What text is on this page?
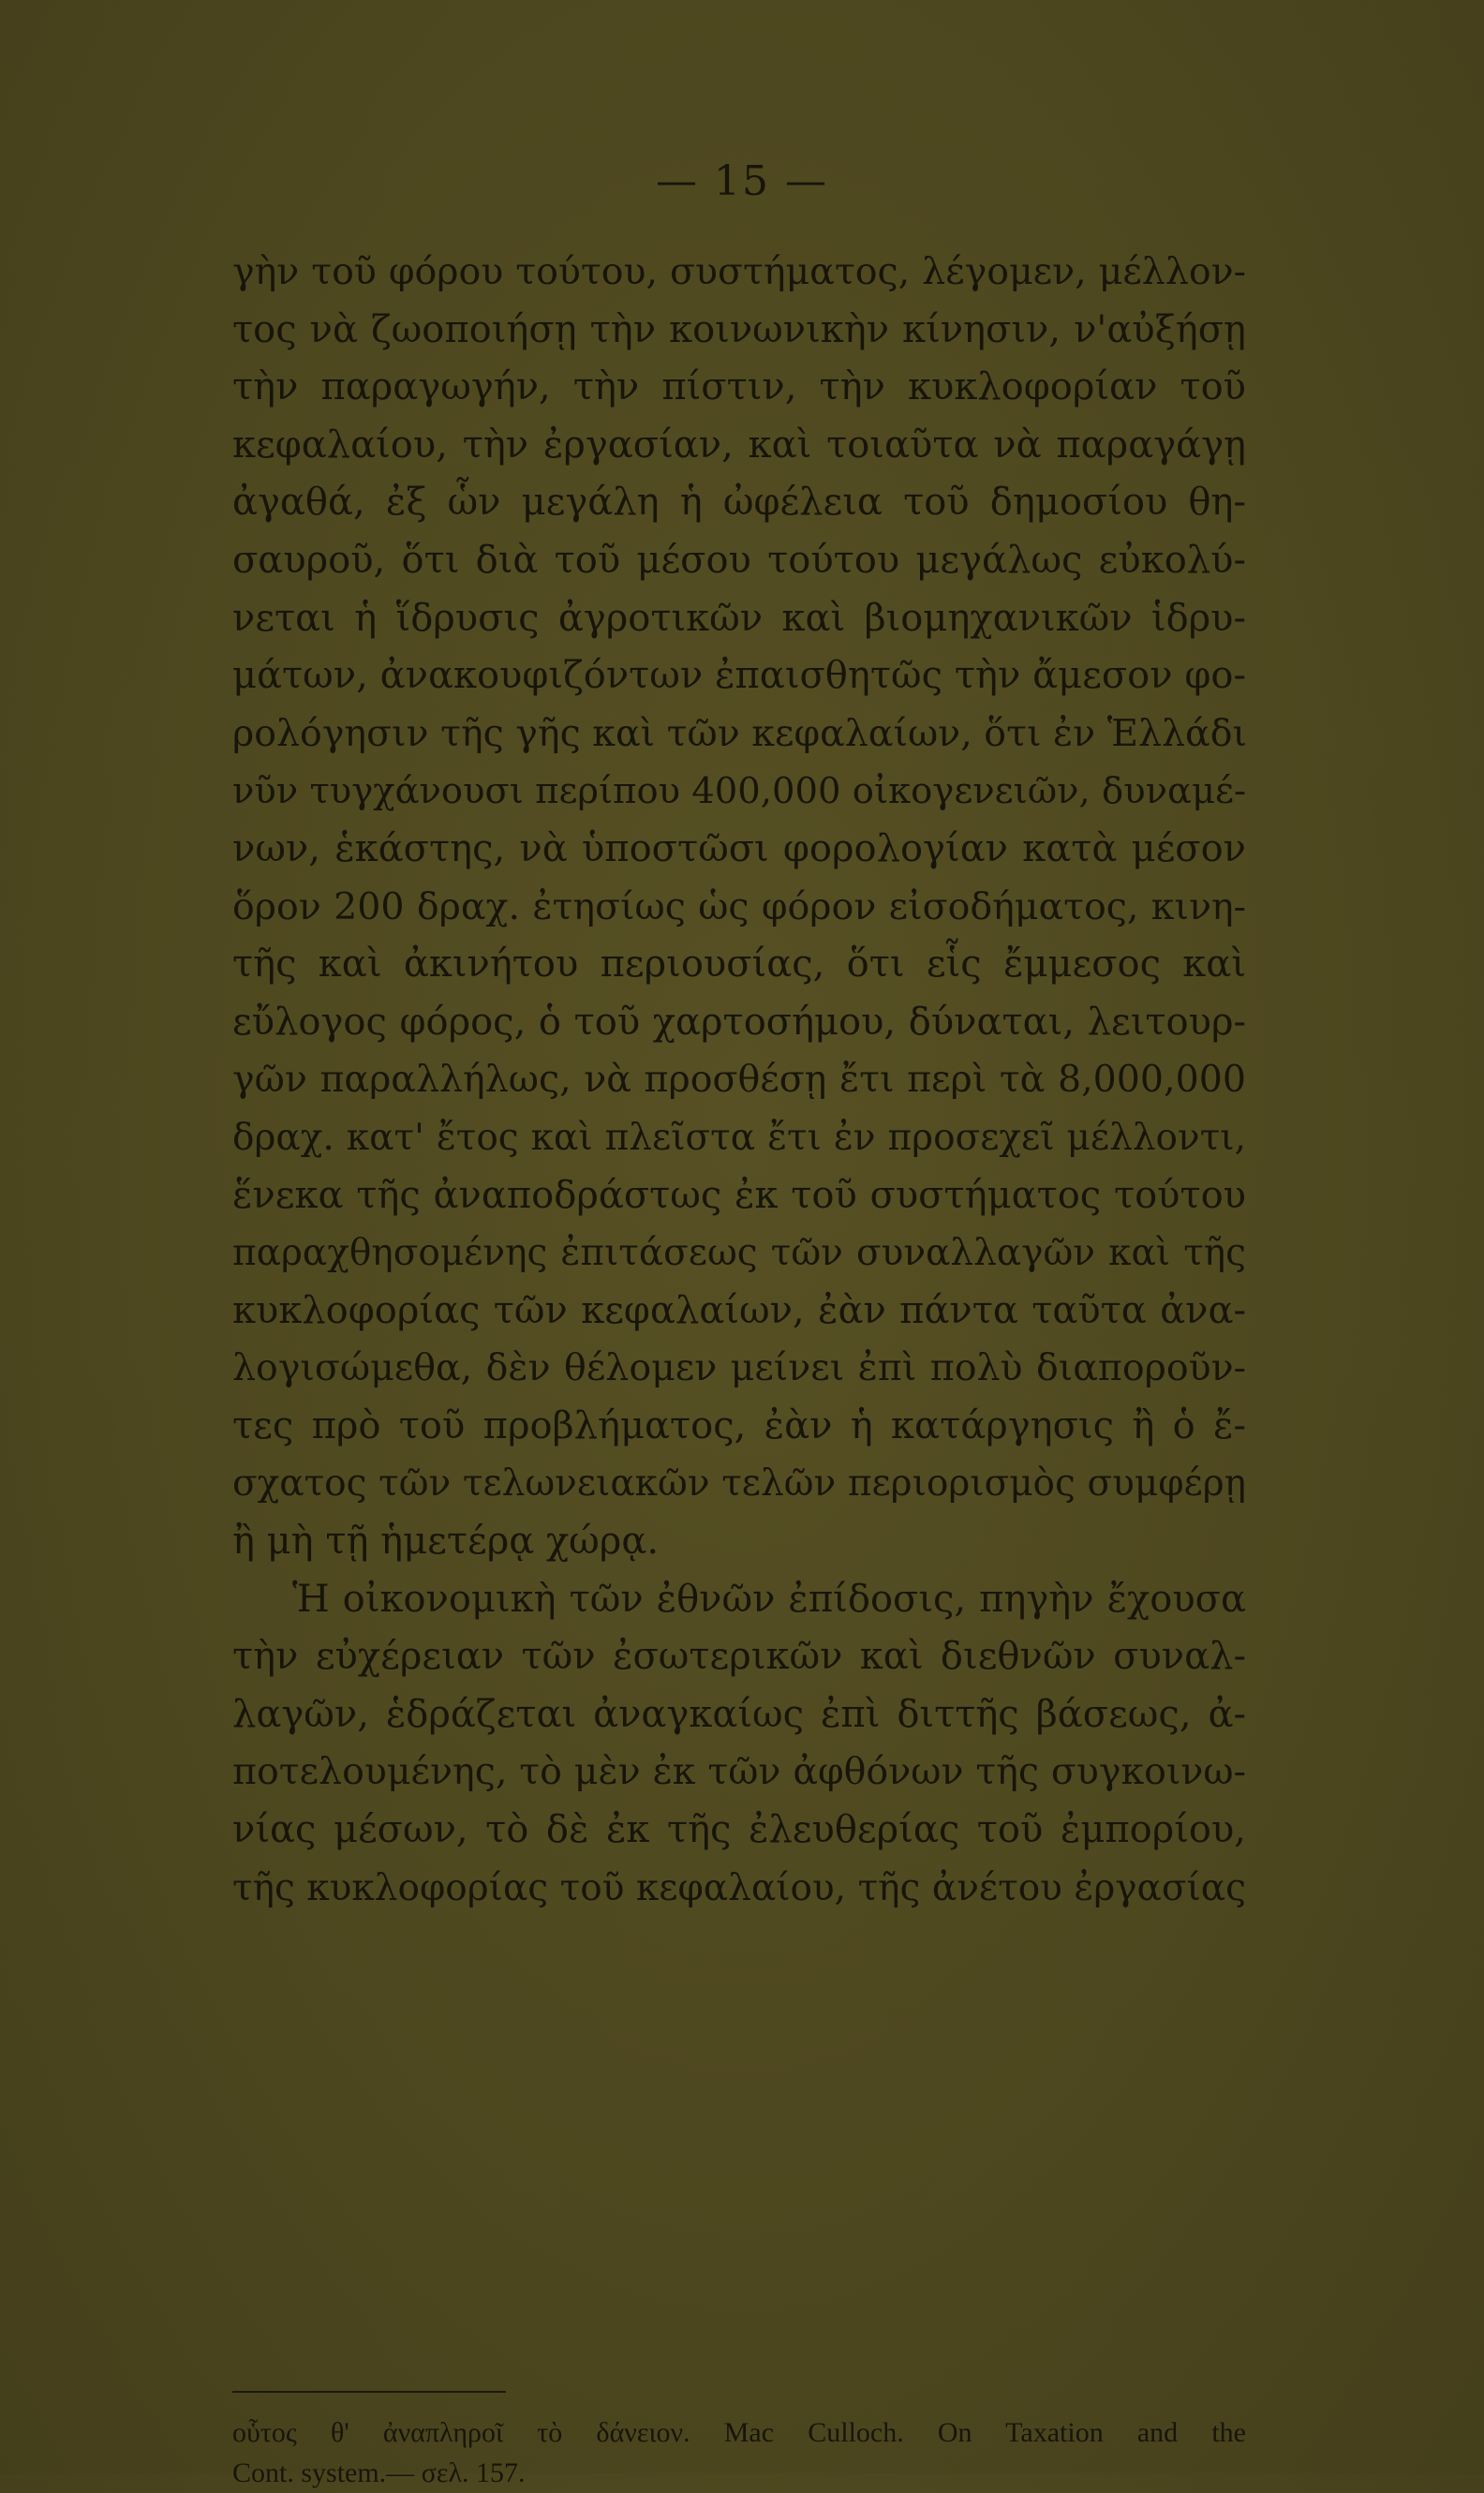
— 15 —
γὴν τοῦ φόρου τούτου, συστήματος, λέγομεν, μέλλον-
τος νὰ ζωοποιήσῃ τὴν κοινωνικὴν κίνησιν, ν'αὐξήσῃ
τὴν παραγωγήν, τὴν πίστιν, τὴν κυκλοφορίαν τοῦ
κεφαλαίου, τὴν ἐργασίαν, καὶ τοιαῦτα νὰ παραγάγῃ
ἀγαθά, ἐξ ὧν μεγάλη ἡ ὠφέλεια τοῦ δημοσίου θη-
σαυροῦ, ὅτι διὰ τοῦ μέσου τούτου μεγάλως εὐκολύ-
νεται ἡ ἵδρυσις ἀγροτικῶν καὶ βιομηχανικῶν ἱδρυ-
μάτων, ἀνακουφιζόντων ἐπαισθητῶς τὴν ἄμεσον φο-
ρολόγησιν τῆς γῆς καὶ τῶν κεφαλαίων, ὅτι ἐν Ἑλλάδι
νῦν τυγχάνουσι περίπου 400,000 οἰκογενειῶν, δυναμέ-
νων, ἑκάστης, νὰ ὑποστῶσι φορολογίαν κατὰ μέσον
ὅρον 200 δραχ. ἐτησίως ὡς φόρον εἰσοδήματος, κινη-
τῆς καὶ ἀκινήτου περιουσίας, ὅτι εἷς ἔμμεσος καὶ
εὔλογος φόρος, ὁ τοῦ χαρτοσήμου, δύναται, λειτουρ-
γῶν παραλλήλως, νὰ προσθέσῃ ἔτι περὶ τὰ 8,000,000
δραχ. κατ' ἔτος καὶ πλεῖστα ἔτι ἐν προσεχεῖ μέλλοντι,
ἕνεκα τῆς ἀναποδράστως ἐκ τοῦ συστήματος τούτου
παραχθησομένης ἐπιτάσεως τῶν συναλλαγῶν καὶ τῆς
κυκλοφορίας τῶν κεφαλαίων, ἐὰν πάντα ταῦτα ἀνα-
λογισώμεθα, δὲν θέλομεν μείνει ἐπὶ πολὺ διαποροῦν-
τες πρὸ τοῦ προβλήματος, ἐὰν ἡ κατάργησις ἢ ὁ ἔ-
σχατος τῶν τελωνειακῶν τελῶν περιορισμὸς συμφέρῃ
ἢ μὴ τῇ ἡμετέρᾳ χώρᾳ.
Ἡ οἰκονομικὴ τῶν ἐθνῶν ἐπίδοσις, πηγὴν ἔχουσα
τὴν εὐχέρειαν τῶν ἐσωτερικῶν καὶ διεθνῶν συναλ-
λαγῶν, ἑδράζεται ἀναγκαίως ἐπὶ διττῆς βάσεως, ἀ-
ποτελουμένης, τὸ μὲν ἐκ τῶν ἀφθόνων τῆς συγκοινω-
νίας μέσων, τὸ δὲ ἐκ τῆς ἐλευθερίας τοῦ ἐμπορίου,
τῆς κυκλοφορίας τοῦ κεφαλαίου, τῆς ἀνέτου ἐργασίας
οὗτος θ' ἀναπληροῖ τὸ δάνειον. Mac Culloch. On Taxation and the
Cont. system.— σελ. 157.
